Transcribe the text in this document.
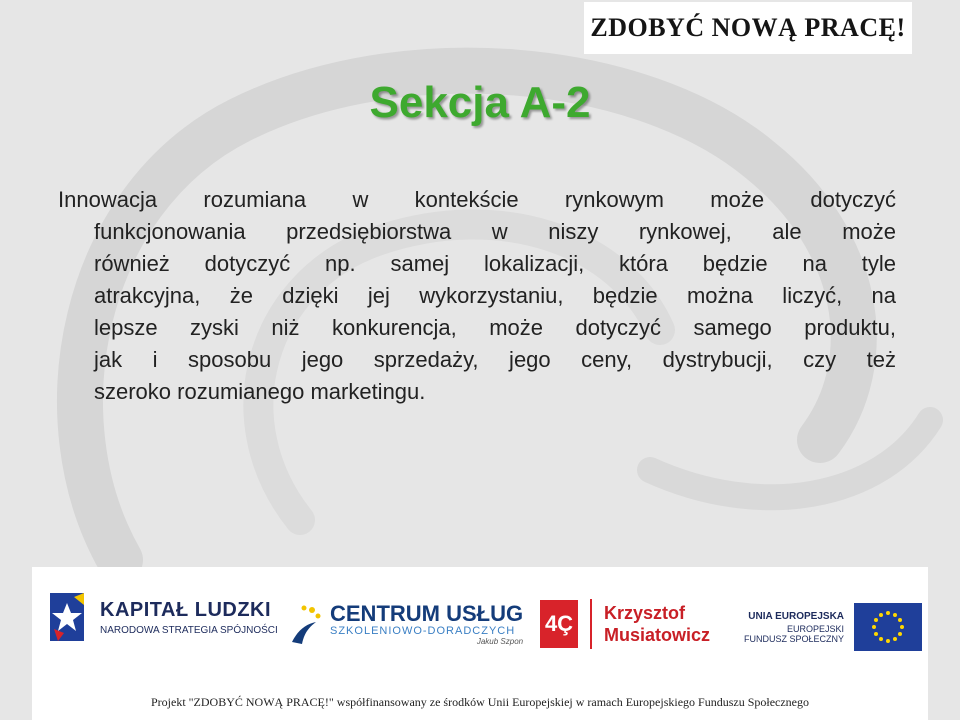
ZDOBYĆ NOWĄ PRACĘ!
Sekcja A-2

Innowacja rozumiana w kontekście rynkowym może dotyczyć
funkcjonowania przedsiębiorstwa w niszy rynkowej, ale może
również dotyczyć np. samej lokalizacji, która będzie na tyle
atrakcyjna, że dzięki jej wykorzystaniu, będzie można liczyć, na
lepsze zyski niż konkurencja, może dotyczyć samego produktu,
jak i sposobu jego sprzedaży, jego ceny, dystrybucji, czy też
szeroko rozumianego marketingu.

KAPITAŁ LUDZKI
NARODOWA STRATEGIA SPÓJNOŚCI
CENTRUM USŁUG
SZKOLENIOWO-DORADCZYCH
Jakub Szpon
4Ç Krzysztof
Musiatowicz
UNIA EUROPEJSKA
EUROPEJSKI
FUNDUSZ SPOŁECZNY
Projekt "ZDOBYĆ NOWĄ PRACĘ!" współfinansowany ze środków Unii Europejskiej w ramach Europejskiego Funduszu Społecznego
